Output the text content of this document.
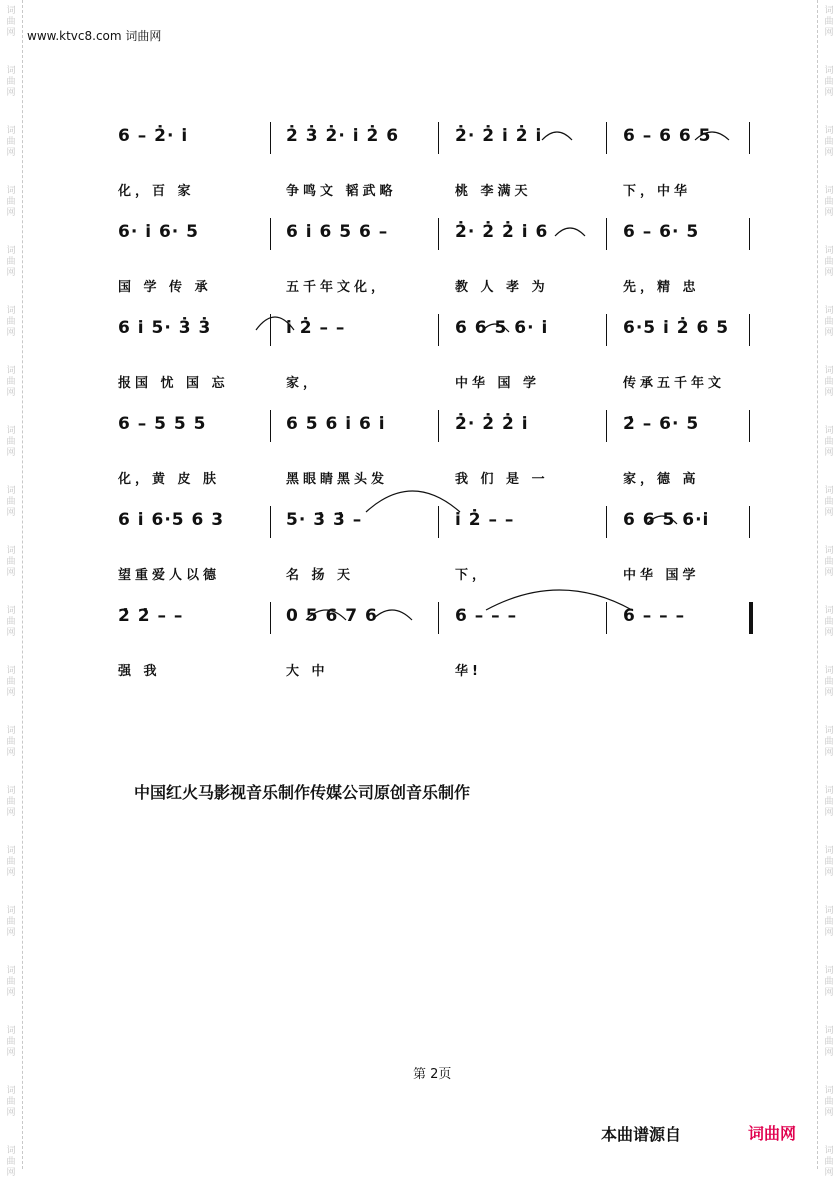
词曲网
词曲网
词曲网
词曲网
词曲网
词曲网
词曲网
词曲网
词曲网
词曲网
词曲网
词曲网
词曲网
词曲网
词曲网
词曲网
词曲网
词曲网
词曲网
词曲网
词曲网
词曲网
词曲网
词曲网
词曲网
词曲网
词曲网
词曲网
词曲网
词曲网
词曲网
词曲网
词曲网
词曲网
词曲网
词曲网
词曲网
词曲网
词曲网
词曲网
www.ktvc8.com 词曲网
6 – 2̇· i̇	2̇ 3̇ 2̇· i̇ 2̇ 6	2̇· 2̇ i̇ 2̇ i̇	6 – 6 6 5
化，百 家	争鸣文 韬武略	桃 李满天	下，中华
6· i̇ 6· 5	6 i̇ 6 5 6 –	2̇· 2̇ 2̇ i̇ 6	6 – 6· 5
国 学 传 承	五千年文化，	教 人 孝 为	先，精 忠
6 i̇ 5· 3̇ 3̇	i̇ 2̇ – –	6 6 5 6· i̇	6·5 i̇ 2̇ 6 5
报国 忧 国 忘	家，	中华 国 学	传承五千年文
6 – 5 5 5	6 5 6 i̇ 6 i̇	2̇· 2̇ 2̇ i̇	2̇ – 6· 5
化，黄 皮 肤	黑眼睛黑头发	我 们 是 一	家，德 高
6 i̇ 6·5 6 3	5· 3̇ 3̇ –	i̇ 2̇ – –	6 6 5 6·i̇
望重爱人以德	名 扬 天	下，	中华 国学
2̇ 2̇ – –	0 5 6 7 6	6 – – –	6 – – –
强 我	大 中	华!
中国红火马影视音乐制作传媒公司原创音乐制作
第 2页
本曲谱源自	词曲网
